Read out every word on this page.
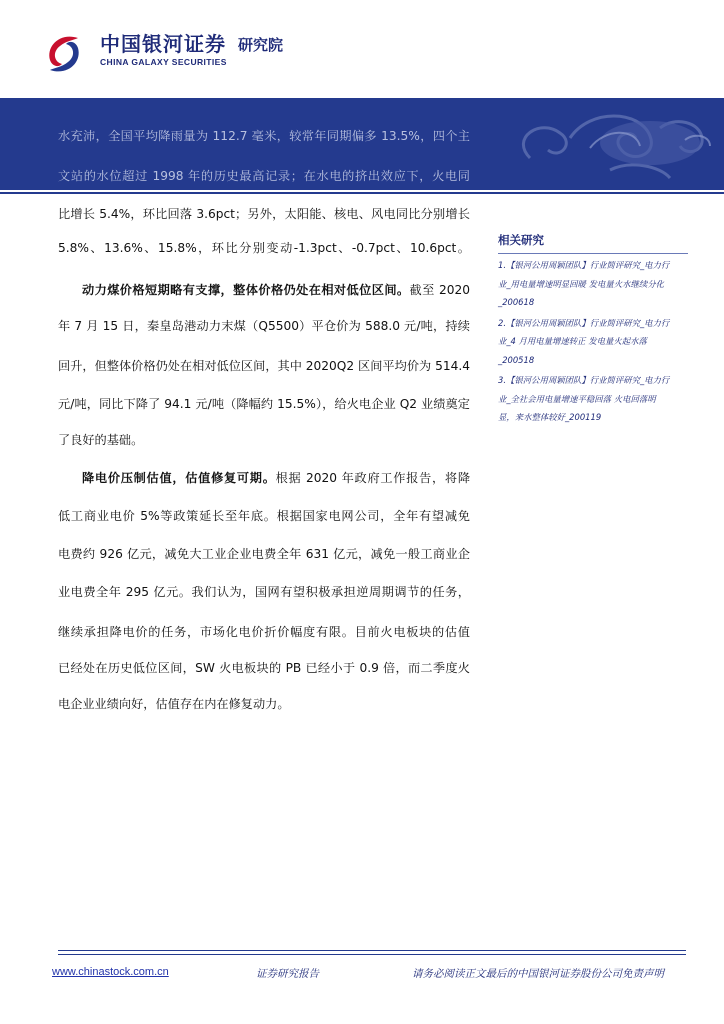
中国银河证券 研究院
CHINA GALAXY SECURITIES
水充沛，全国平均降雨量为 112.7 毫米，较常年同期偏多 13.5%，四个主
文站的水位超过 1998 年的历史最高记录；在水电的挤出效应下，火电同
比增长 5.4%，环比回落 3.6pct；另外，太阳能、核电、风电同比分别增长
5.8%、13.6%、15.8%，环比分别变动-1.3pct、-0.7pct、10.6pct。
动力煤价格短期略有支撑，整体价格仍处在相对低位区间。截至 2020
年 7 月 15 日，秦皇岛港动力末煤（Q5500）平仓价为 588.0 元/吨，持续
回升，但整体价格仍处在相对低位区间，其中 2020Q2 区间平均价为 514.4
元/吨，同比下降了 94.1 元/吨（降幅约 15.5%），给火电企业 Q2 业绩奠定
了良好的基础。
降电价压制估值，估值修复可期。根据 2020 年政府工作报告，将降
低工商业电价 5%等政策延长至年底。根据国家电网公司，全年有望减免
电费约 926 亿元，减免大工业企业电费全年 631 亿元，减免一般工商业企
业电费全年 295 亿元。我们认为，国网有望积极承担逆周期调节的任务，
继续承担降电价的任务，市场化电价折价幅度有限。目前火电板块的估值
已经处在历史低位区间，SW 火电板块的 PB 已经小于 0.9 倍，而二季度火
电企业业绩向好，估值存在内在修复动力。
相关研究
1.【银河公用周颖团队】行业简评研究_电力行
业_用电量增速明显回暖 发电量火水继续分化
_200618
2.【银河公用周颖团队】行业简评研究_电力行
业_4 月用电量增速转正 发电量火起水落
_200518
3.【银河公用周颖团队】行业简评研究_电力行
业_全社会用电量增速平稳回落 火电回落明
显，来水整体较好_200119
www.chinastock.com.cn	证券研究报告	请务必阅读正文最后的中国银河证券股份公司免责声明
